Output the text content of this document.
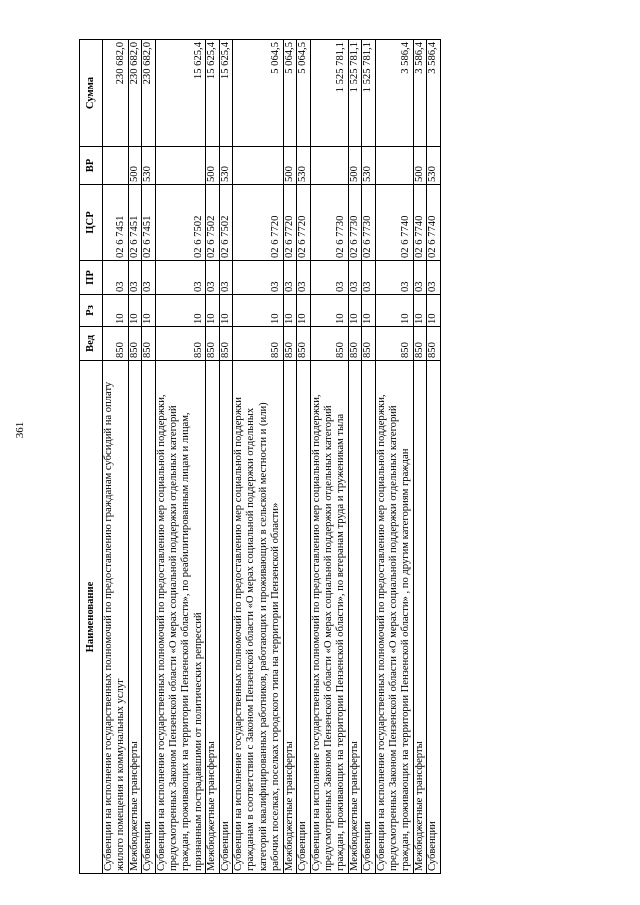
361
Наименование	Вед	Рз	ПР	ЦСР	ВР	Сумма
Субвенции на исполнение государственных полномочий по предоставлению гражданам субсидий на оплату жилого помещения и коммунальных услуг	850	10	03	02 6 7451		230 682,0
Межбюджетные трансферты	850	10	03	02 6 7451	500	230 682,0
Субвенции	850	10	03	02 6 7451	530	230 682,0
Субвенции на исполнение государственных полномочий по предоставлению мер социальной поддержки, предусмотренных Законом Пензенской области «О мерах социальной поддержки отдельных категорий граждан, проживающих на территории Пензенской области», по реабилитированным лицам и лицам, признанным пострадавшими от политических репрессий	850	10	03	02 6 7502		15 625,4
Межбюджетные трансферты	850	10	03	02 6 7502	500	15 625,4
Субвенции	850	10	03	02 6 7502	530	15 625,4
Субвенции на исполнение государственных полномочий по предоставлению мер социальной поддержки гражданам в соответствии с Законом Пензенской области «О мерах социальной поддержки отдельных категорий квалифицированных работников, работающих и проживающих в сельской местности и (или) рабочих поселках, поселках городского типа на территории Пензенской области»	850	10	03	02 6 7720		5 064,5
Межбюджетные трансферты	850	10	03	02 6 7720	500	5 064,5
Субвенции	850	10	03	02 6 7720	530	5 064,5
Субвенции на исполнение государственных полномочий по предоставлению мер социальной поддержки, предусмотренных Законом Пензенской области «О мерах социальной поддержки отдельных категорий граждан, проживающих на территории Пензенской области», по ветеранам труда и труженикам тыла	850	10	03	02 6 7730		1 525 781,1
Межбюджетные трансферты	850	10	03	02 6 7730	500	1 525 781,1
Субвенции	850	10	03	02 6 7730	530	1 525 781,1
Субвенции на исполнение государственных полномочий по предоставлению мер социальной поддержки, предусмотренных Законом Пензенской области «О мерах социальной поддержки отдельных категорий граждан, проживающих на территории Пензенской области» , по другим категориям граждан	850	10	03	02 6 7740		3 586,4
Межбюджетные трансферты	850	10	03	02 6 7740	500	3 586,4
Субвенции	850	10	03	02 6 7740	530	3 586,4
